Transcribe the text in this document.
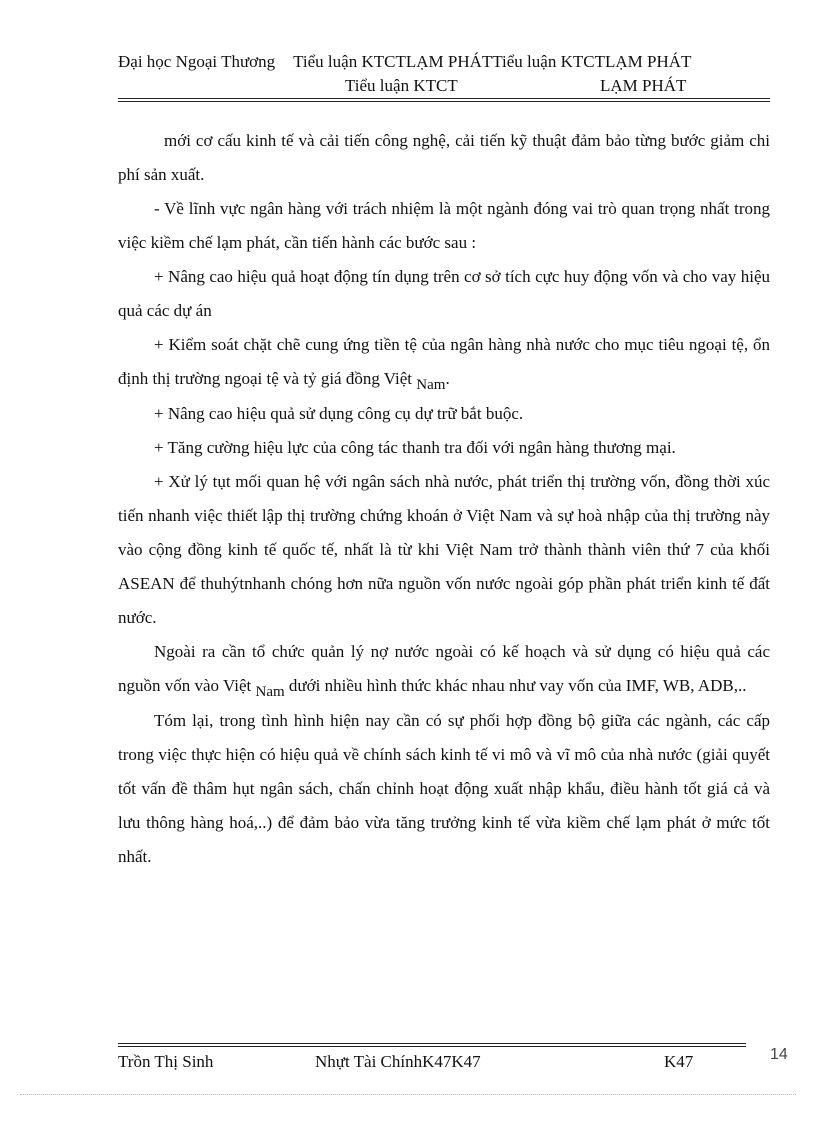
Đại học Ngoại Thương Tiểu luận KTCTLẠM PHÁTTiểu luận KTCTLẠM PHÁT
Tiểu luận KTCT	LẠM PHÁT

mới cơ cấu kinh tế và cải tiến công nghệ, cải tiến kỹ thuật đảm bảo từng bước giảm chi phí sản xuất.

- Về lĩnh vực ngân hàng với trách nhiệm là một ngành đóng vai trò quan trọng nhất trong việc kiềm chế lạm phát, cần tiến hành các bước sau :

+ Nâng cao hiệu quả hoạt động tín dụng trên cơ sở tích cực huy động vốn và cho vay hiệu quả các dự án

+ Kiểm soát chặt chẽ cung ứng tiền tệ của ngân hàng nhà nước cho mục tiêu ngoại tệ, ổn định thị trường ngoại tệ và tỷ giá đồng Việt Nam.

+ Nâng cao hiệu quả sử dụng công cụ dự trữ bắt buộc.

+ Tăng cường hiệu lực của công tác thanh tra đối với ngân hàng thương mại.

+ Xử lý tụt mối quan hệ với ngân sách nhà nước, phát triển thị trường vốn, đồng thời xúc tiến nhanh việc thiết lập thị trường chứng khoán ở Việt Nam và sự hoà nhập của thị trường này vào cộng đồng kinh tế quốc tế, nhất là từ khi Việt Nam trở thành thành viên thứ 7 của khối ASEAN để thuhýtnhanh chóng hơn nữa nguồn vốn nước ngoài góp phần phát triển kinh tế đất nước.

Ngoài ra cần tổ chức quản lý nợ nước ngoài có kế hoạch và sử dụng có hiệu quả các nguồn vốn vào Việt Nam dưới nhiều hình thức khác nhau như vay vốn của IMF, WB, ADB,..

Tóm lại, trong tình hình hiện nay cần có sự phối hợp đồng bộ giữa các ngành, các cấp trong việc thực hiện có hiệu quả về chính sách kinh tế vi mô và vĩ mô của nhà nước (giải quyết tốt vấn đề thâm hụt ngân sách, chấn chỉnh hoạt động xuất nhập khẩu, điều hành tốt giá cả và lưu thông hàng hoá,..) để đảm bảo vừa tăng trưởng kinh tế vừa kiềm chế lạm phát ở mức tốt nhất.

Trồn Thị Sinh	Nhựt Tài ChínhK47K47	K47	14
